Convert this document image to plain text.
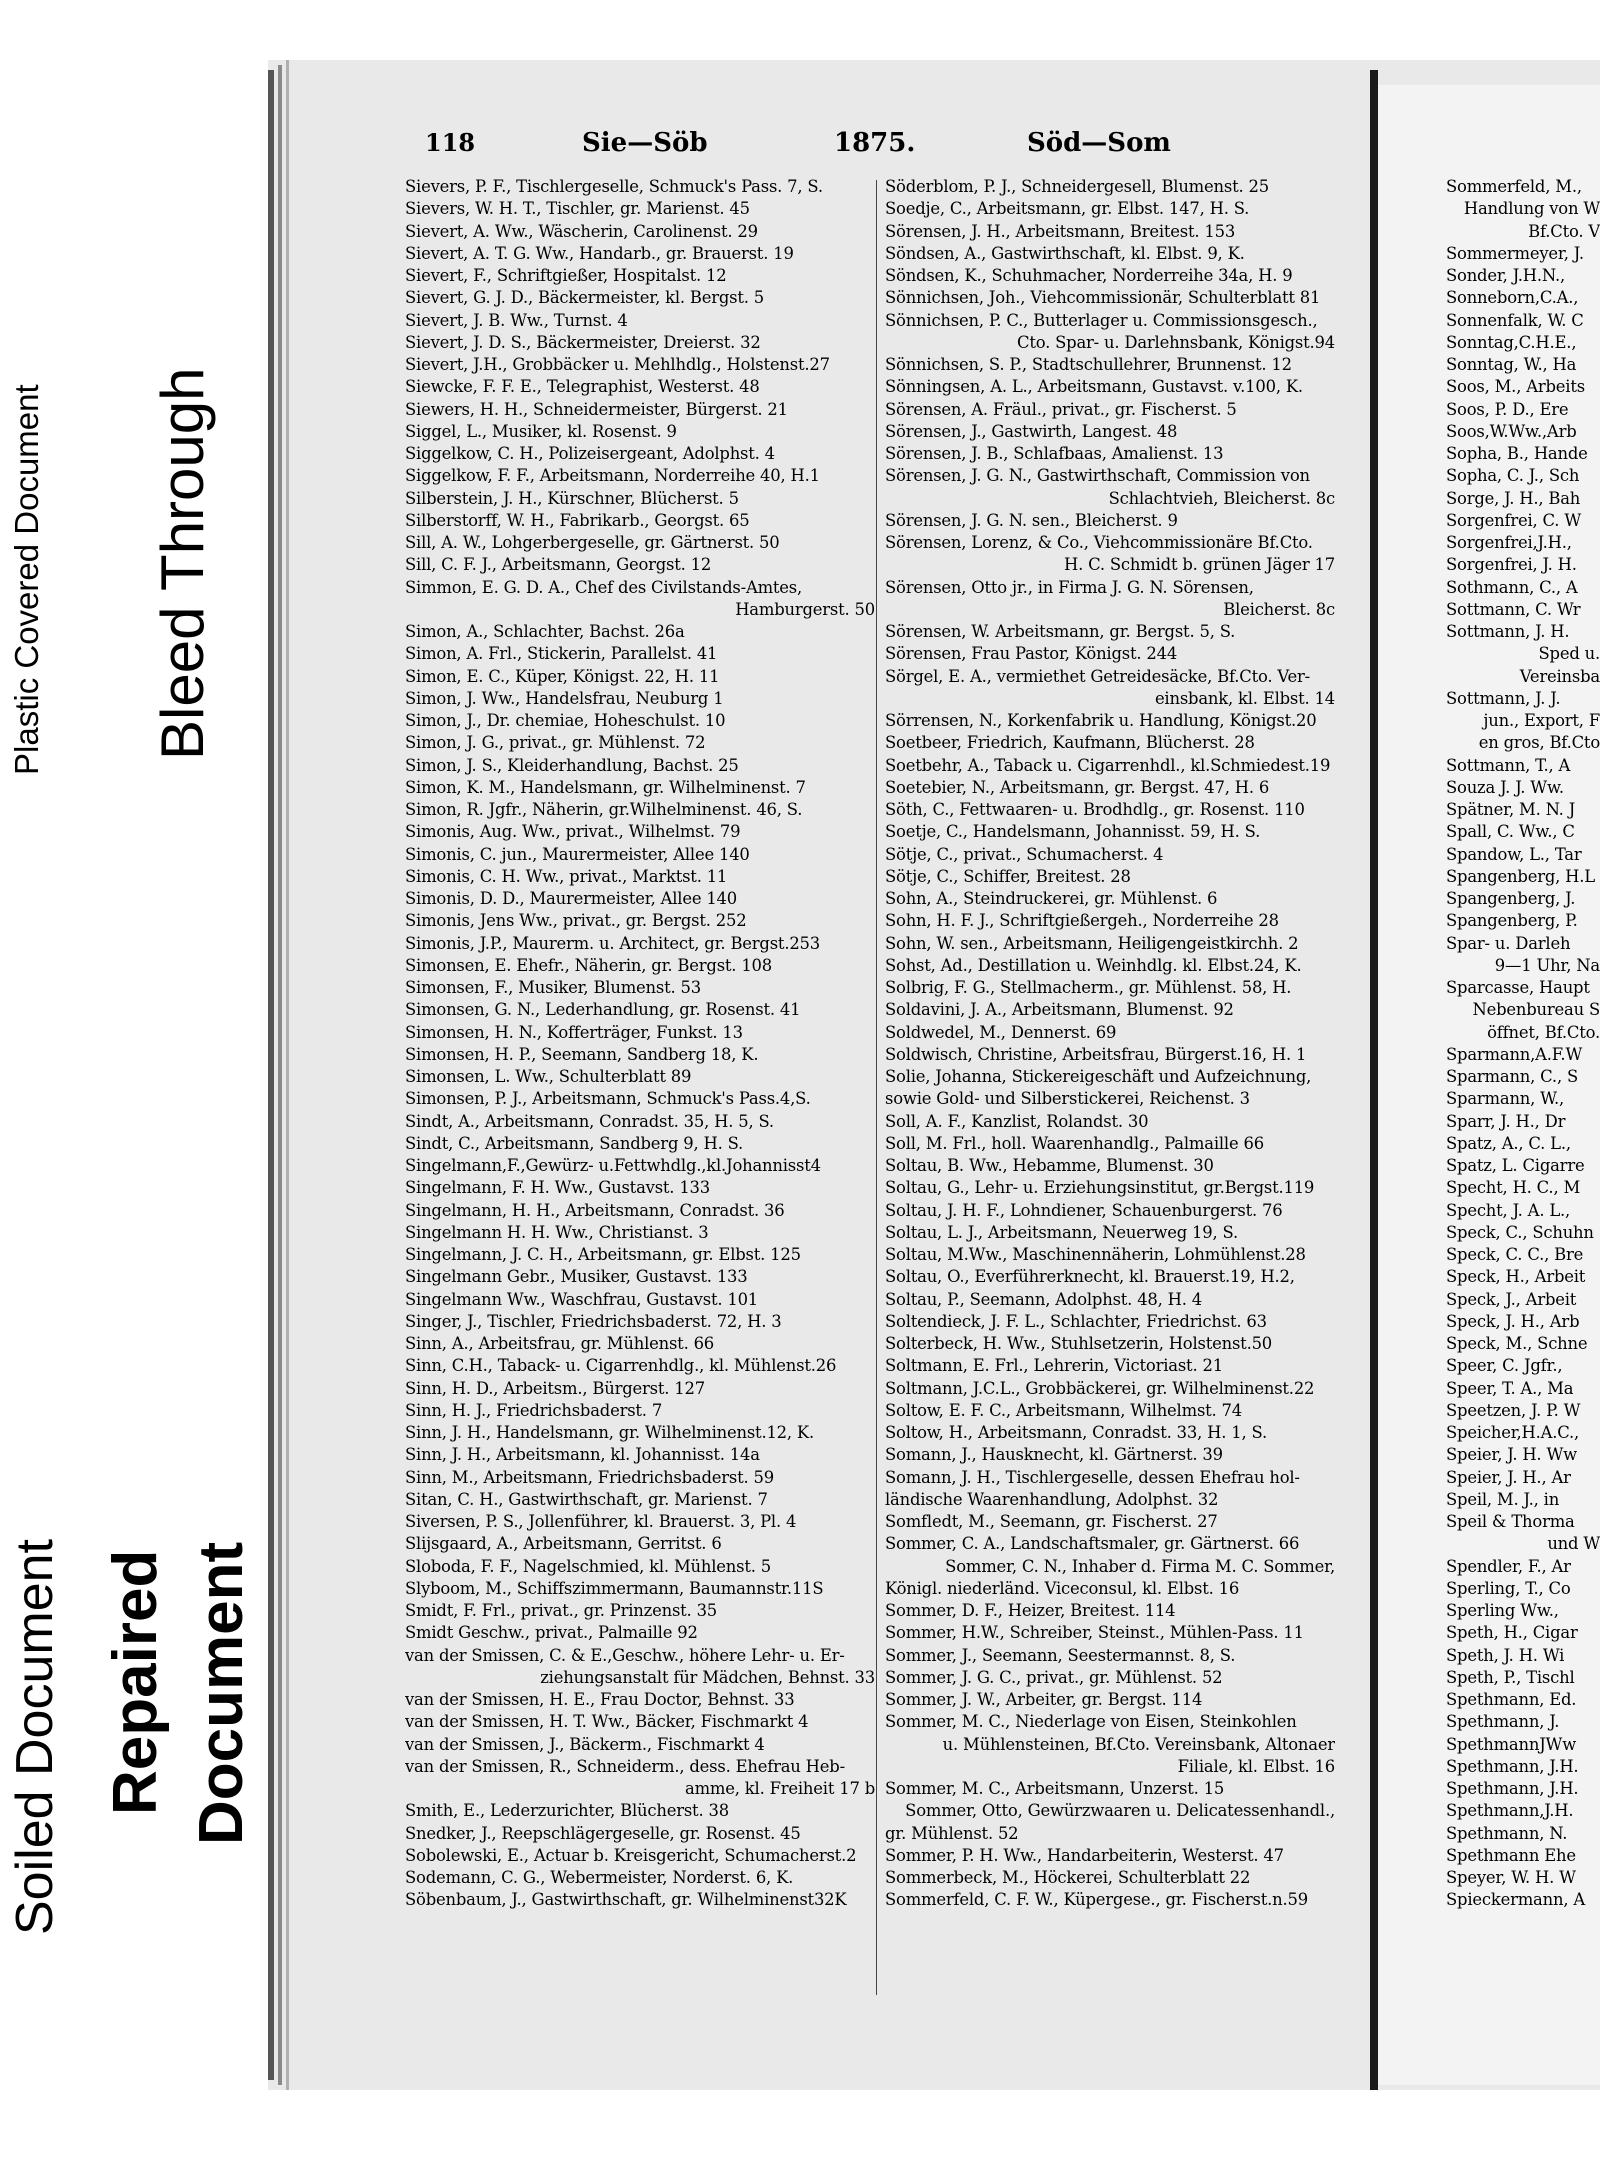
Plastic Covered Document Bleed Through
Soiled Document Repaired Document
118	Sie—Söb	1875.	Söd—Som
Sievers, P. F., Tischlergeselle, Schmuck's Pass. 7, S.
Sievers, W. H. T., Tischler, gr. Marienst. 45
Sievert, A. Ww., Wäscherin, Carolinenst. 29
Sievert, A. T. G. Ww., Handarb., gr. Brauerst. 19
Sievert, F., Schriftgießer, Hospitalst. 12
Sievert, G. J. D., Bäckermeister, kl. Bergst. 5
Sievert, J. B. Ww., Turnst. 4
Sievert, J. D. S., Bäckermeister, Dreierst. 32
Sievert, J.H., Grobbäcker u. Mehlhdlg., Holstenst.27
Siewcke, F. F. E., Telegraphist, Westerst. 48
Siewers, H. H., Schneidermeister, Bürgerst. 21
Siggel, L., Musiker, kl. Rosenst. 9
Siggelkow, C. H., Polizeisergeant, Adolphst. 4
Siggelkow, F. F., Arbeitsmann, Norderreihe 40, H.1
Silberstein, J. H., Kürschner, Blücherst. 5
Silberstorff, W. H., Fabrikarb., Georgst. 65
Sill, A. W., Lohgerbergeselle, gr. Gärtnerst. 50
Sill, C. F. J., Arbeitsmann, Georgst. 12
Simmon, E. G. D. A., Chef des Civilstands-Amtes,
Hamburgerst. 50
Simon, A., Schlachter, Bachst. 26a
Simon, A. Frl., Stickerin, Parallelst. 41
Simon, E. C., Küper, Königst. 22, H. 11
Simon, J. Ww., Handelsfrau, Neuburg 1
Simon, J., Dr. chemiae, Hoheschulst. 10
Simon, J. G., privat., gr. Mühlenst. 72
Simon, J. S., Kleiderhandlung, Bachst. 25
Simon, K. M., Handelsmann, gr. Wilhelminenst. 7
Simon, R. Jgfr., Näherin, gr.Wilhelminenst. 46, S.
Simonis, Aug. Ww., privat., Wilhelmst. 79
Simonis, C. jun., Maurermeister, Allee 140
Simonis, C. H. Ww., privat., Marktst. 11
Simonis, D. D., Maurermeister, Allee 140
Simonis, Jens Ww., privat., gr. Bergst. 252
Simonis, J.P., Maurerm. u. Architect, gr. Bergst.253
Simonsen, E. Ehefr., Näherin, gr. Bergst. 108
Simonsen, F., Musiker, Blumenst. 53
Simonsen, G. N., Lederhandlung, gr. Rosenst. 41
Simonsen, H. N., Kofferträger, Funkst. 13
Simonsen, H. P., Seemann, Sandberg 18, K.
Simonsen, L. Ww., Schulterblatt 89
Simonsen, P. J., Arbeitsmann, Schmuck's Pass.4,S.
Sindt, A., Arbeitsmann, Conradst. 35, H. 5, S.
Sindt, C., Arbeitsmann, Sandberg 9, H. S.
Singelmann,F.,Gewürz- u.Fettwhdlg.,kl.Johannisst4
Singelmann, F. H. Ww., Gustavst. 133
Singelmann, H. H., Arbeitsmann, Conradst. 36
Singelmann H. H. Ww., Christianst. 3
Singelmann, J. C. H., Arbeitsmann, gr. Elbst. 125
Singelmann Gebr., Musiker, Gustavst. 133
Singelmann Ww., Waschfrau, Gustavst. 101
Singer, J., Tischler, Friedrichsbaderst. 72, H. 3
Sinn, A., Arbeitsfrau, gr. Mühlenst. 66
Sinn, C.H., Taback- u. Cigarrenhdlg., kl. Mühlenst.26
Sinn, H. D., Arbeitsm., Bürgerst. 127
Sinn, H. J., Friedrichsbaderst. 7
Sinn, J. H., Handelsmann, gr. Wilhelminenst.12, K.
Sinn, J. H., Arbeitsmann, kl. Johannisst. 14a
Sinn, M., Arbeitsmann, Friedrichsbaderst. 59
Sitan, C. H., Gastwirthschaft, gr. Marienst. 7
Siversen, P. S., Jollenführer, kl. Brauerst. 3, Pl. 4
Slijsgaard, A., Arbeitsmann, Gerritst. 6
Sloboda, F. F., Nagelschmied, kl. Mühlenst. 5
Slyboom, M., Schiffszimmermann, Baumannstr.11S
Smidt, F. Frl., privat., gr. Prinzenst. 35
Smidt Geschw., privat., Palmaille 92
van der Smissen, C. & E.,Geschw., höhere Lehr- u. Er-
ziehungsanstalt für Mädchen, Behnst. 33
van der Smissen, H. E., Frau Doctor, Behnst. 33
van der Smissen, H. T. Ww., Bäcker, Fischmarkt 4
van der Smissen, J., Bäckerm., Fischmarkt 4
van der Smissen, R., Schneiderm., dess. Ehefrau Heb-
amme, kl. Freiheit 17 b
Smith, E., Lederzurichter, Blücherst. 38
Snedker, J., Reepschlägergeselle, gr. Rosenst. 45
Sobolewski, E., Actuar b. Kreisgericht, Schumacherst.2
Sodemann, C. G., Webermeister, Norderst. 6, K.
Söbenbaum, J., Gastwirthschaft, gr. Wilhelminenst32K
Söderblom, P. J., Schneidergesell, Blumenst. 25
Soedje, C., Arbeitsmann, gr. Elbst. 147, H. S.
Sörensen, J. H., Arbeitsmann, Breitest. 153
Söndsen, A., Gastwirthschaft, kl. Elbst. 9, K.
Söndsen, K., Schuhmacher, Norderreihe 34a, H. 9
Sönnichsen, Joh., Viehcommissionär, Schulterblatt 81
Sönnichsen, P. C., Butterlager u. Commissionsgesch.,
Cto. Spar- u. Darlehnsbank, Königst.94
Sönnichsen, S. P., Stadtschullehrer, Brunnenst. 12
Sönningsen, A. L., Arbeitsmann, Gustavst. v.100, K.
Sörensen, A. Fräul., privat., gr. Fischerst. 5
Sörensen, J., Gastwirth, Langest. 48
Sörensen, J. B., Schlafbaas, Amalienst. 13
Sörensen, J. G. N., Gastwirthschaft, Commission von
Schlachtvieh, Bleicherst. 8c
Sörensen, J. G. N. sen., Bleicherst. 9
Sörensen, Lorenz, & Co., Viehcommissionäre Bf.Cto.
H. C. Schmidt b. grünen Jäger 17
Sörensen, Otto jr., in Firma J. G. N. Sörensen,
Bleicherst. 8c
Sörensen, W. Arbeitsmann, gr. Bergst. 5, S.
Sörensen, Frau Pastor, Königst. 244
Sörgel, E. A., vermiethet Getreidesäcke, Bf.Cto. Ver-
einsbank, kl. Elbst. 14
Sörrensen, N., Korkenfabrik u. Handlung, Königst.20
Soetbeer, Friedrich, Kaufmann, Blücherst. 28
Soetbehr, A., Taback u. Cigarrenhdl., kl.Schmiedest.19
Soetebier, N., Arbeitsmann, gr. Bergst. 47, H. 6
Söth, C., Fettwaaren- u. Brodhdlg., gr. Rosenst. 110
Soetje, C., Handelsmann, Johannisst. 59, H. S.
Sötje, C., privat., Schumacherst. 4
Sötje, C., Schiffer, Breitest. 28
Sohn, A., Steindruckerei, gr. Mühlenst. 6
Sohn, H. F. J., Schriftgießergeh., Norderreihe 28
Sohn, W. sen., Arbeitsmann, Heiligengeistkirchh. 2
Sohst, Ad., Destillation u. Weinhdlg. kl. Elbst.24, K.
Solbrig, F. G., Stellmacherm., gr. Mühlenst. 58, H.
Soldavini, J. A., Arbeitsmann, Blumenst. 92
Soldwedel, M., Dennerst. 69
Soldwisch, Christine, Arbeitsfrau, Bürgerst.16, H. 1
Solie, Johanna, Stickereigeschäft und Aufzeichnung,
sowie Gold- und Silberstickerei, Reichenst. 3
Soll, A. F., Kanzlist, Rolandst. 30
Soll, M. Frl., holl. Waarenhandlg., Palmaille 66
Soltau, B. Ww., Hebamme, Blumenst. 30
Soltau, G., Lehr- u. Erziehungsinstitut, gr.Bergst.119
Soltau, J. H. F., Lohndiener, Schauenburgerst. 76
Soltau, L. J., Arbeitsmann, Neuerweg 19, S.
Soltau, M.Ww., Maschinennäherin, Lohmühlenst.28
Soltau, O., Everführerknecht, kl. Brauerst.19, H.2,
Soltau, P., Seemann, Adolphst. 48, H. 4
Soltendieck, J. F. L., Schlachter, Friedrichst. 63
Solterbeck, H. Ww., Stuhlsetzerin, Holstenst.50
Soltmann, E. Frl., Lehrerin, Victoriast. 21
Soltmann, J.C.L., Grobbäckerei, gr. Wilhelminenst.22
Soltow, E. F. C., Arbeitsmann, Wilhelmst. 74
Soltow, H., Arbeitsmann, Conradst. 33, H. 1, S.
Somann, J., Hausknecht, kl. Gärtnerst. 39
Somann, J. H., Tischlergeselle, dessen Ehefrau hol-
ländische Waarenhandlung, Adolphst. 32
Somfledt, M., Seemann, gr. Fischerst. 27
Sommer, C. A., Landschaftsmaler, gr. Gärtnerst. 66
Sommer, C. N., Inhaber d. Firma M. C. Sommer,
Königl. niederländ. Viceconsul, kl. Elbst. 16
Sommer, D. F., Heizer, Breitest. 114
Sommer, H.W., Schreiber, Steinst., Mühlen-Pass. 11
Sommer, J., Seemann, Seestermannst. 8, S.
Sommer, J. G. C., privat., gr. Mühlenst. 52
Sommer, J. W., Arbeiter, gr. Bergst. 114
Sommer, M. C., Niederlage von Eisen, Steinkohlen
u. Mühlensteinen, Bf.Cto. Vereinsbank, Altonaer
Filiale, kl. Elbst. 16
Sommer, M. C., Arbeitsmann, Unzerst. 15
Sommer, Otto, Gewürzwaaren u. Delicatessenhandl.,
gr. Mühlenst. 52
Sommer, P. H. Ww., Handarbeiterin, Westerst. 47
Sommerbeck, M., Höckerei, Schulterblatt 22
Sommerfeld, C. F. W., Küpergese., gr. Fischerst.n.59
Sommerfeld, M.,
Handlung von W
Bf.Cto. V
Sommermeyer, J.
Sonder, J.H.N.,
Sonneborn,C.A.,
Sonnenfalk, W. C
Sonntag,C.H.E.,
Sonntag, W., Ha
Soos, M., Arbeits
Soos, P. D., Ere
Soos,W.Ww.,Arb
Sopha, B., Hande
Sopha, C. J., Sch
Sorge, J. H., Bah
Sorgenfrei, C. W
Sorgenfrei,J.H.,
Sorgenfrei, J. H.
Sothmann, C., A
Sottmann, C. Wr
Sottmann, J. H.
Sped u.
Vereinsba
Sottmann, J. J.
jun., Export, F
en gros, Bf.Cto
Sottmann, T., A
Souza J. J. Ww.
Spätner, M. N. J
Spall, C. Ww., C
Spandow, L., Tar
Spangenberg, H.L
Spangenberg, J.
Spangenberg, P.
Spar- u. Darleh
9—1 Uhr, Na
Sparcasse, Haupt
Nebenbureau S
öffnet, Bf.Cto.
Sparmann,A.F.W
Sparmann, C., S
Sparmann, W.,
Sparr, J. H., Dr
Spatz, A., C. L.,
Spatz, L. Cigarre
Specht, H. C., M
Specht, J. A. L.,
Speck, C., Schuhn
Speck, C. C., Bre
Speck, H., Arbeit
Speck, J., Arbeit
Speck, J. H., Arb
Speck, M., Schne
Speer, C. Jgfr.,
Speer, T. A., Ma
Speetzen, J. P. W
Speicher,H.A.C.,
Speier, J. H. Ww
Speier, J. H., Ar
Speil, M. J., in
Speil & Thorma
und W
Spendler, F., Ar
Sperling, T., Co
Sperling Ww.,
Speth, H., Cigar
Speth, J. H. Wi
Speth, P., Tischl
Spethmann, Ed.
Spethmann, J.
SpethmannJWw
Spethmann, J.H.
Spethmann, J.H.
Spethmann,J.H.
Spethmann, N.
Spethmann Ehe
Speyer, W. H. W
Spieckermann, A
